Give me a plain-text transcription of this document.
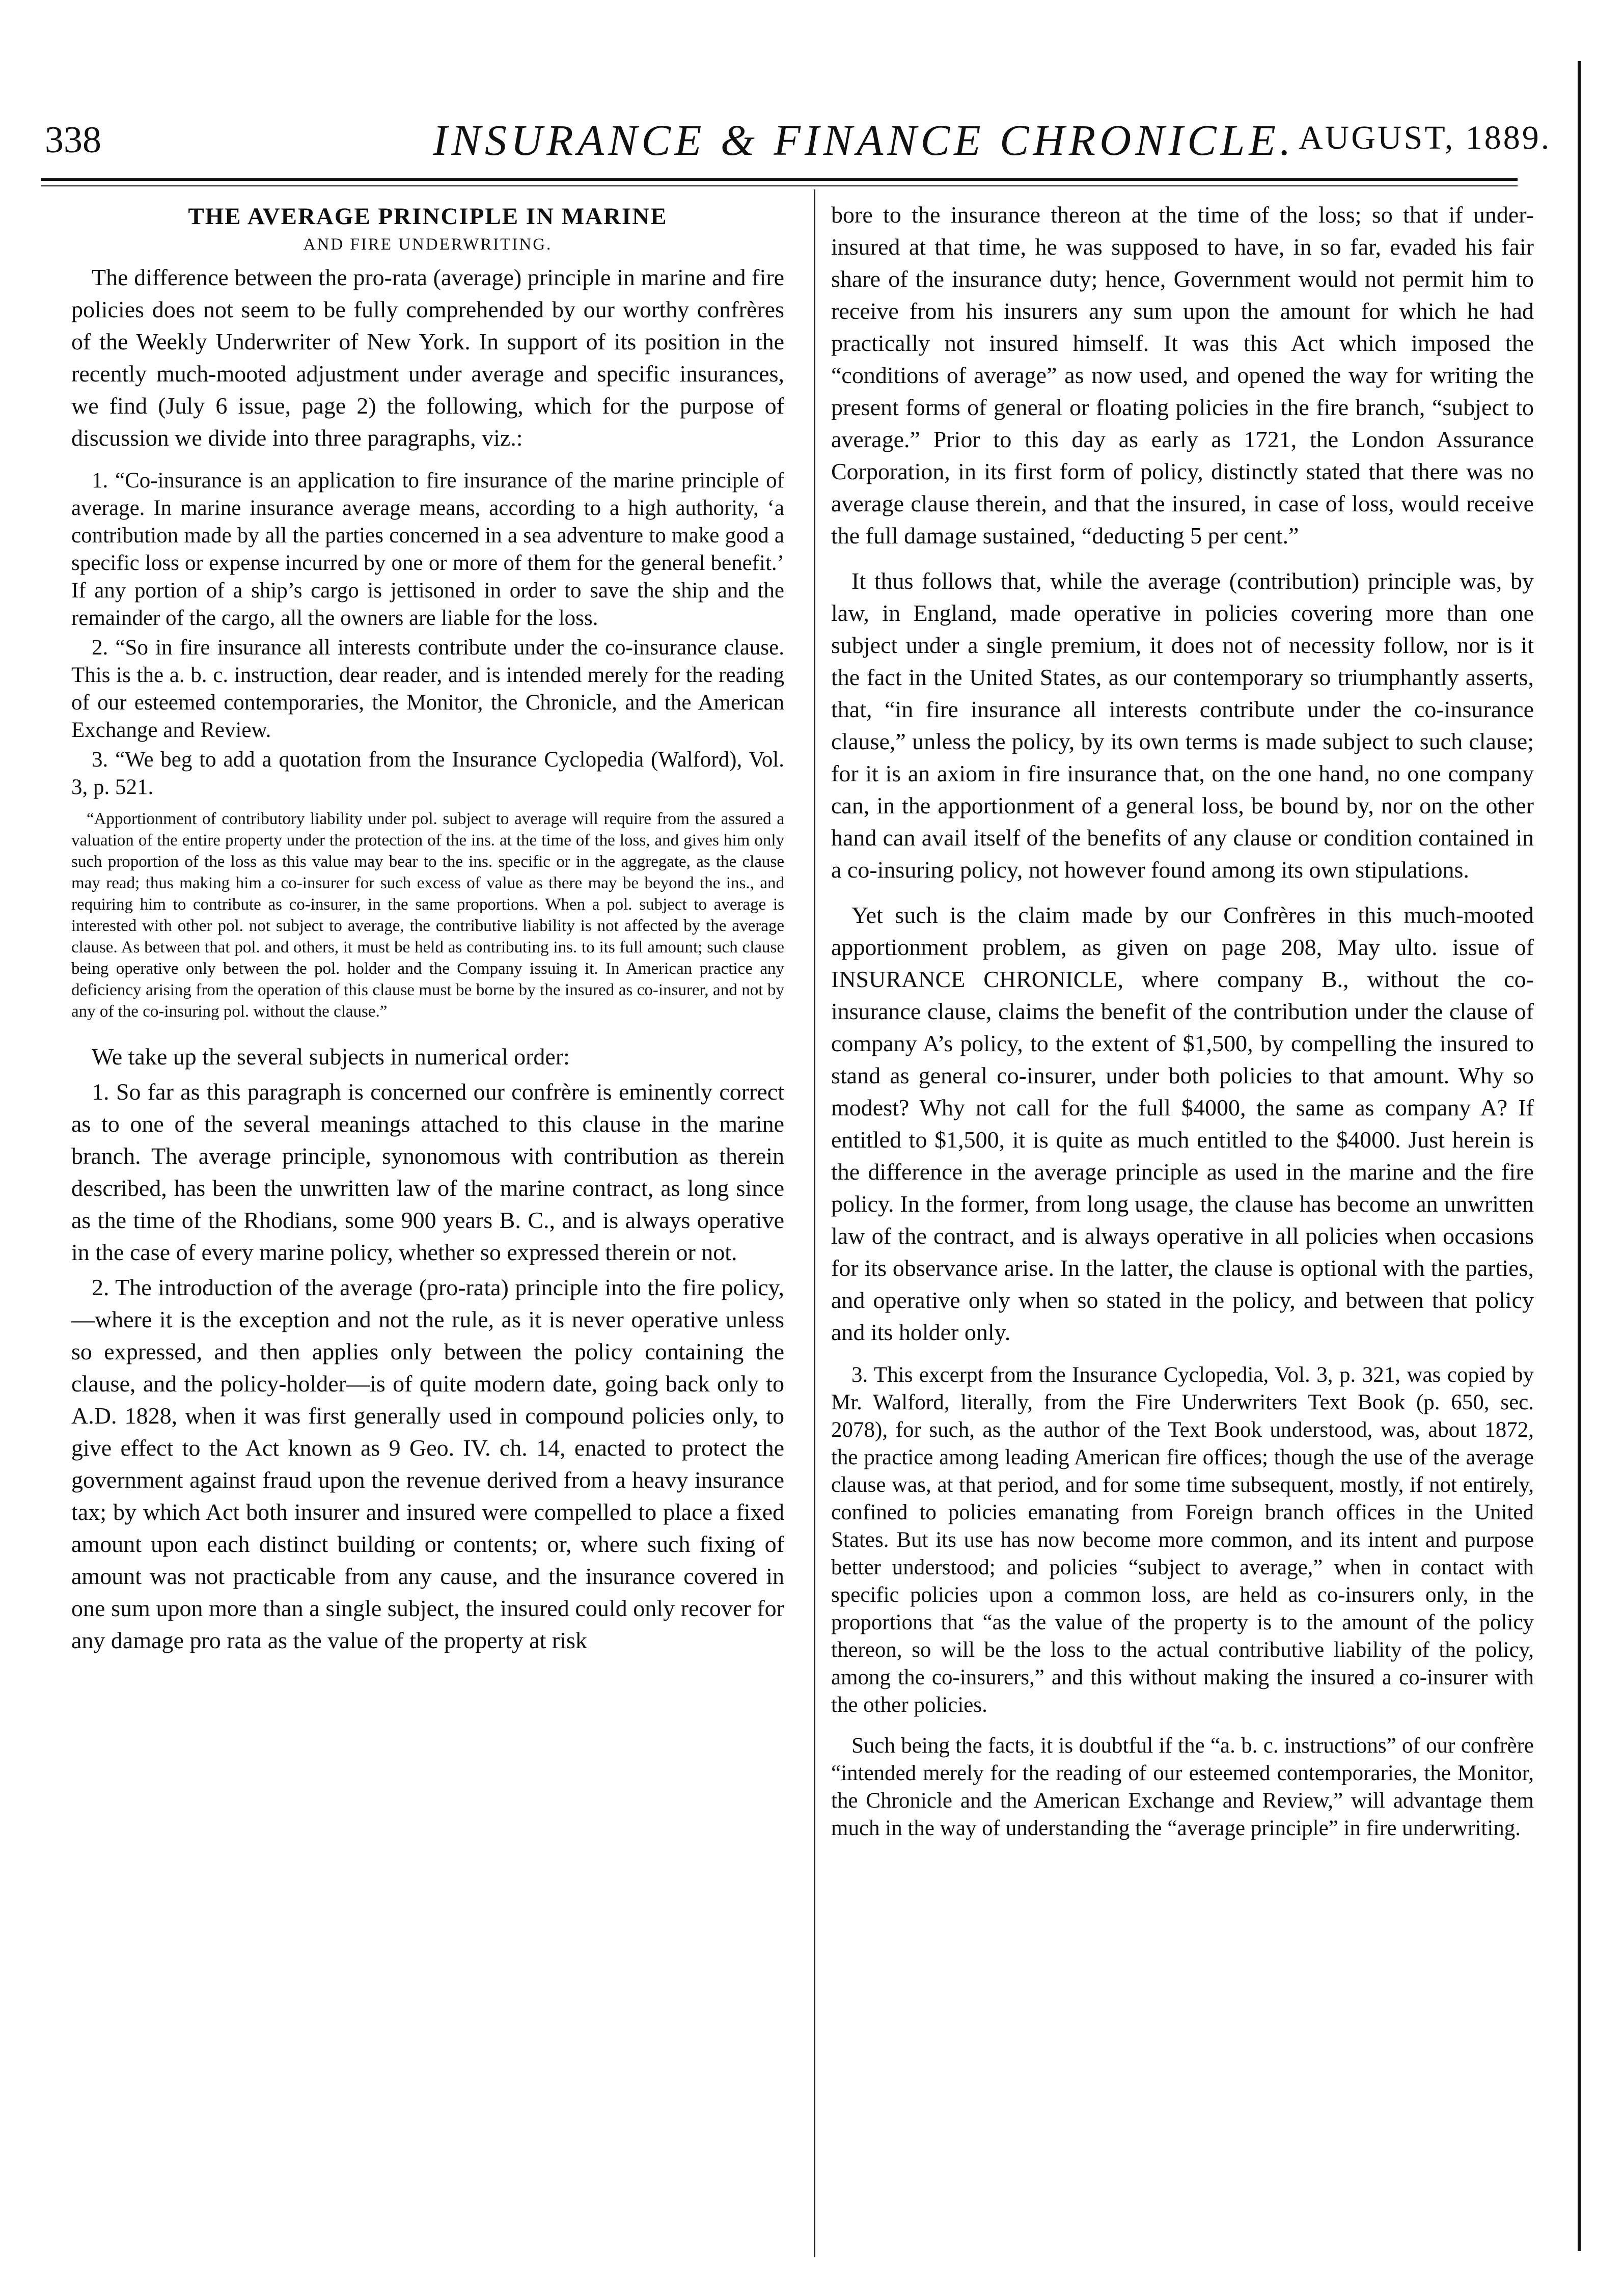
338	INSURANCE & FINANCE CHRONICLE. AUGUST, 1889.
THE AVERAGE PRINCIPLE IN MARINE
AND FIRE UNDERWRITING.

The difference between the pro-rata (average) principle in marine and fire policies does not seem to be fully comprehended by our worthy confrères of the Weekly Underwriter of New York. In support of its position in the recently much-mooted adjustment under average and specific insurances, we find (July 6 issue, page 2) the following, which for the purpose of discussion we divide into three paragraphs, viz.:

1. “Co-insurance is an application to fire insurance of the marine principle of average. In marine insurance average means, according to a high authority, ‘a contribution made by all the parties concerned in a sea adventure to make good a specific loss or expense incurred by one or more of them for the general benefit.’ If any portion of a ship’s cargo is jettisoned in order to save the ship and the remainder of the cargo, all the owners are liable for the loss.

2. “So in fire insurance all interests contribute under the co-insurance clause. This is the a. b. c. instruction, dear reader, and is intended merely for the reading of our esteemed contemporaries, the Monitor, the Chronicle, and the American Exchange and Review.

3. “We beg to add a quotation from the Insurance Cyclopedia (Walford), Vol. 3, p. 521.

“Apportionment of contributory liability under pol. subject to average will require from the assured a valuation of the entire property under the protection of the ins. at the time of the loss, and gives him only such proportion of the loss as this value may bear to the ins. specific or in the aggregate, as the clause may read; thus making him a co-insurer for such excess of value as there may be beyond the ins., and requiring him to contribute as co-insurer, in the same proportions. When a pol. subject to average is interested with other pol. not subject to average, the contributive liability is not affected by the average clause. As between that pol. and others, it must be held as contributing ins. to its full amount; such clause being operative only between the pol. holder and the Company issuing it. In American practice any deficiency arising from the operation of this clause must be borne by the insured as co-insurer, and not by any of the co-insuring pol. without the clause.”

We take up the several subjects in numerical order:

1. So far as this paragraph is concerned our confrère is eminently correct as to one of the several meanings attached to this clause in the marine branch. The average principle, synonomous with contribution as therein described, has been the unwritten law of the marine contract, as long since as the time of the Rhodians, some 900 years B. C., and is always operative in the case of every marine policy, whether so expressed therein or not.

2. The introduction of the average (pro-rata) principle into the fire policy,—where it is the exception and not the rule, as it is never operative unless so expressed, and then applies only between the policy containing the clause, and the policy-holder—is of quite modern date, going back only to A.D. 1828, when it was first generally used in compound policies only, to give effect to the Act known as 9 Geo. IV. ch. 14, enacted to protect the government against fraud upon the revenue derived from a heavy insurance tax; by which Act both insurer and insured were compelled to place a fixed amount upon each distinct building or contents; or, where such fixing of amount was not practicable from any cause, and the insurance covered in one sum upon more than a single subject, the insured could only recover for any damage pro rata as the value of the property at risk

bore to the insurance thereon at the time of the loss; so that if under-insured at that time, he was supposed to have, in so far, evaded his fair share of the insurance duty; hence, Government would not permit him to receive from his insurers any sum upon the amount for which he had practically not insured himself. It was this Act which imposed the “conditions of average” as now used, and opened the way for writing the present forms of general or floating policies in the fire branch, “subject to average.” Prior to this day as early as 1721, the London Assurance Corporation, in its first form of policy, distinctly stated that there was no average clause therein, and that the insured, in case of loss, would receive the full damage sustained, “deducting 5 per cent.”

It thus follows that, while the average (contribution) principle was, by law, in England, made operative in policies covering more than one subject under a single premium, it does not of necessity follow, nor is it the fact in the United States, as our contemporary so triumphantly asserts, that, “in fire insurance all interests contribute under the co-insurance clause,” unless the policy, by its own terms is made subject to such clause; for it is an axiom in fire insurance that, on the one hand, no one company can, in the apportionment of a general loss, be bound by, nor on the other hand can avail itself of the benefits of any clause or condition contained in a co-insuring policy, not however found among its own stipulations.

Yet such is the claim made by our Confrères in this much-mooted apportionment problem, as given on page 208, May ulto. issue of INSURANCE CHRONICLE, where company B., without the co-insurance clause, claims the benefit of the contribution under the clause of company A’s policy, to the extent of $1,500, by compelling the insured to stand as general co-insurer, under both policies to that amount. Why so modest? Why not call for the full $4000, the same as company A? If entitled to $1,500, it is quite as much entitled to the $4000. Just herein is the difference in the average principle as used in the marine and the fire policy. In the former, from long usage, the clause has become an unwritten law of the contract, and is always operative in all policies when occasions for its observance arise. In the latter, the clause is optional with the parties, and operative only when so stated in the policy, and between that policy and its holder only.

3. This excerpt from the Insurance Cyclopedia, Vol. 3, p. 321, was copied by Mr. Walford, literally, from the Fire Underwriters Text Book (p. 650, sec. 2078), for such, as the author of the Text Book understood, was, about 1872, the practice among leading American fire offices; though the use of the average clause was, at that period, and for some time subsequent, mostly, if not entirely, confined to policies emanating from Foreign branch offices in the United States. But its use has now become more common, and its intent and purpose better understood; and policies “subject to average,” when in contact with specific policies upon a common loss, are held as co-insurers only, in the proportions that “as the value of the property is to the amount of the policy thereon, so will be the loss to the actual contributive liability of the policy, among the co-insurers,” and this without making the insured a co-insurer with the other policies.

Such being the facts, it is doubtful if the “a. b. c. instructions” of our confrère “intended merely for the reading of our esteemed contemporaries, the Monitor, the Chronicle and the American Exchange and Review,” will advantage them much in the way of understanding the “average principle” in fire underwriting.
